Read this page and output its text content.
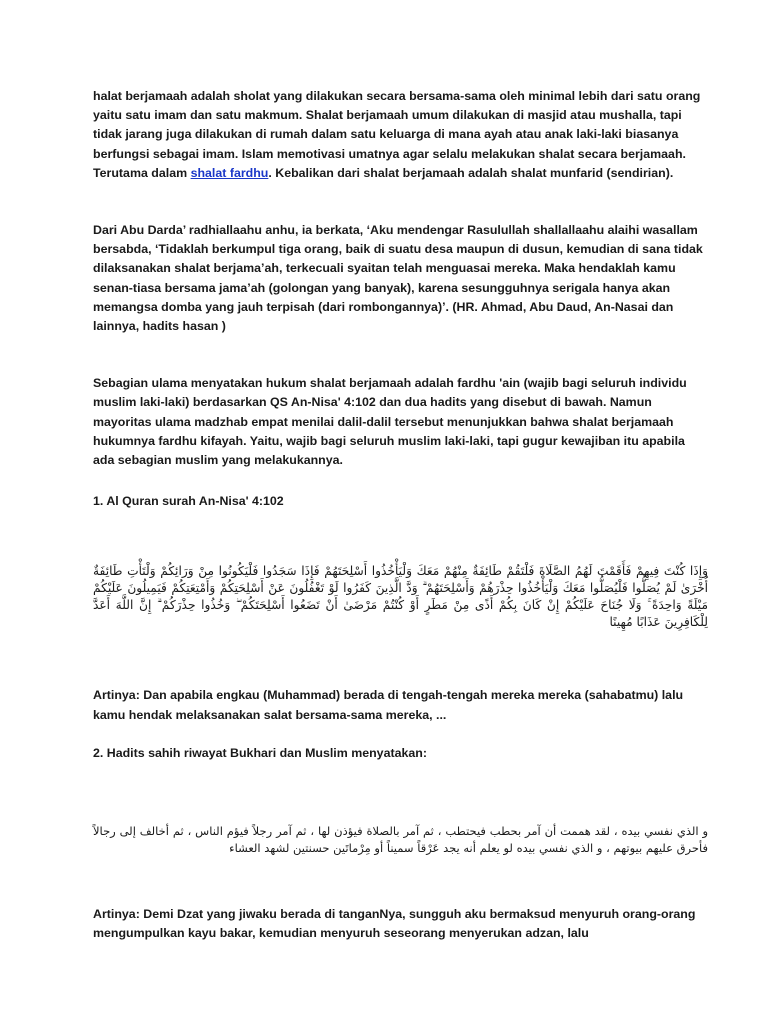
halat berjamaah adalah sholat yang dilakukan secara bersama-sama oleh minimal lebih dari satu orang yaitu satu imam dan satu makmum. Shalat berjamaah umum dilakukan di masjid atau mushalla, tapi tidak jarang juga dilakukan di rumah dalam satu keluarga di mana ayah atau anak laki-laki biasanya berfungsi sebagai imam. Islam memotivasi umatnya agar selalu melakukan shalat secara berjamaah. Terutama dalam shalat fardhu. Kebalikan dari shalat berjamaah adalah shalat munfarid (sendirian).

Dari Abu Darda’ radhiallaahu anhu, ia berkata, ‘Aku mendengar Rasulullah shallallaahu alaihi wasallam bersabda, ‘Tidaklah berkumpul tiga orang, baik di suatu desa maupun di dusun, kemudian di sana tidak dilaksanakan shalat berjama’ah, terkecuali syaitan telah menguasai mereka. Maka hendaklah kamu senan-tiasa bersama jama’ah (golongan yang banyak), karena sesungguhnya serigala hanya akan memangsa domba yang jauh terpisah (dari rombongannya)’. (HR. Ahmad, Abu Daud, An-Nasai dan lainnya, hadits hasan )

Sebagian ulama menyatakan hukum shalat berjamaah adalah fardhu 'ain (wajib bagi seluruh individu muslim laki-laki) berdasarkan QS An-Nisa' 4:102 dan dua hadits yang disebut di bawah. Namun mayoritas ulama madzhab empat menilai dalil-dalil tersebut menunjukkan bahwa shalat berjamaah hukumnya fardhu kifayah. Yaitu, wajib bagi seluruh muslim laki-laki, tapi gugur kewajiban itu apabila ada sebagian muslim yang melakukannya.

1. Al Quran surah An-Nisa' 4:102

وَإِذَا كُنْتَ فِيهِمْ فَأَقَمْتَ لَهُمُ الصَّلَاةَ فَلْتَقُمْ طَائِفَةٌ مِنْهُمْ مَعَكَ وَلْيَأْخُذُوا أَسْلِحَتَهُمْ فَإِذَا سَجَدُوا فَلْيَكُونُوا مِنْ وَرَائِكُمْ وَلْتَأْتِ طَائِفَةٌ أُخْرَىٰ لَمْ يُصَلُّوا فَلْيُصَلُّوا مَعَكَ وَلْيَأْخُذُوا حِذْرَهُمْ وَأَسْلِحَتَهُمْ ۗ وَدَّ الَّذِينَ كَفَرُوا لَوْ تَغْفُلُونَ عَنْ أَسْلِحَتِكُمْ وَأَمْتِعَتِكُمْ فَيَمِيلُونَ عَلَيْكُمْ مَيْلَةً وَاحِدَةً ۚ وَلَا جُنَاحَ عَلَيْكُمْ إِنْ كَانَ بِكُمْ أَذًى مِنْ مَطَرٍ أَوْ كُنْتُمْ مَرْضَىٰ أَنْ تَضَعُوا أَسْلِحَتَكُمْ ۖ وَخُذُوا حِذْرَكُمْ ۗ إِنَّ اللَّهَ أَعَدَّ لِلْكَافِرِينَ عَذَابًا مُهِينًا

Artinya: Dan apabila engkau (Muhammad) berada di tengah-tengah mereka mereka (sahabatmu) lalu kamu hendak melaksanakan salat bersama-sama mereka, ...

2. Hadits sahih riwayat Bukhari dan Muslim menyatakan:

و الذي نفسي بيده ، لقد هممت أن آمر بحطب فيحتطب ، ثم آمر بالصلاة فيؤذن لها ، ثم آمر رجلاً فيؤم الناس ، ثم أخالف إلى رجالاً فأحرق عليهم بيوتهم ، و الذي نفسي بيده لو يعلم أنه يجد عَرْقاً سميناً أو مِرْماتَين حسنتين لشهد العشاء

Artinya: Demi Dzat yang jiwaku berada di tanganNya, sungguh aku bermaksud menyuruh orang-orang mengumpulkan kayu bakar, kemudian menyuruh seseorang menyerukan adzan, lalu
